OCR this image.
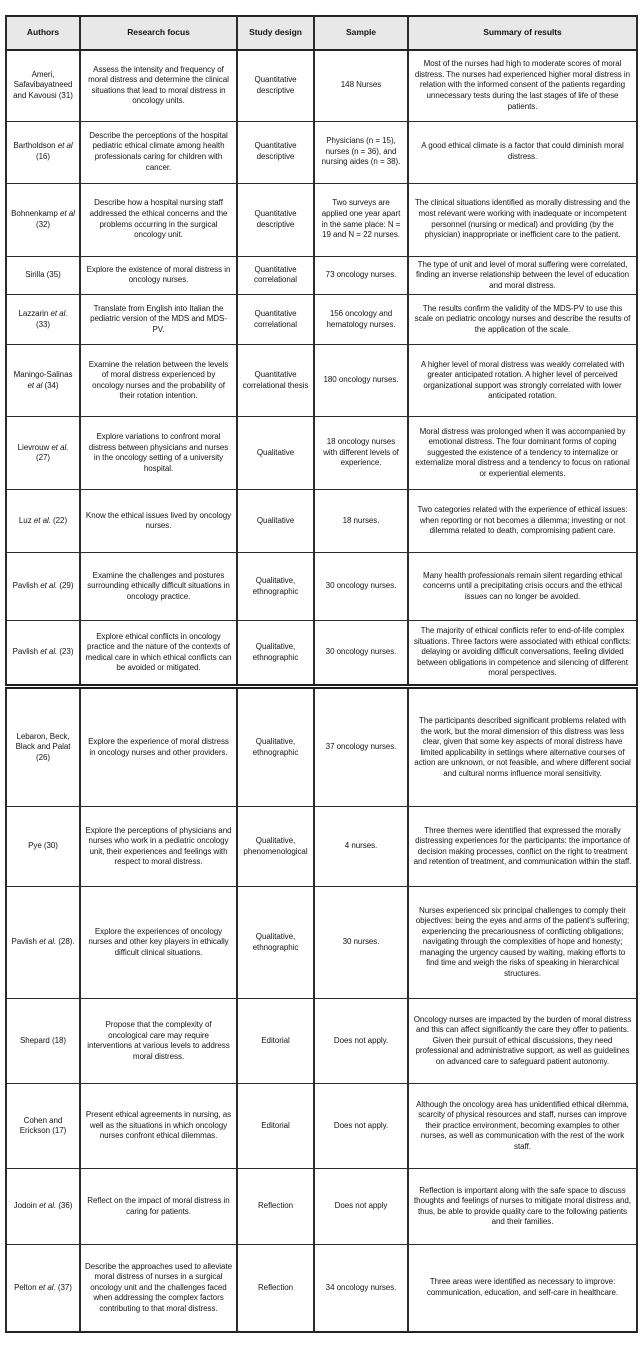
Authors	Research focus	Study design	Sample	Summary of results
Ameri, Safavibayatneed and Kavousi (31)	Assess the intensity and frequency of moral distress and determine the clinical situations that lead to moral distress in oncology units.	Quantitative descriptive	148 Nurses	Most of the nurses had high to moderate scores of moral distress. The nurses had experienced higher moral distress in relation with the informed consent of the patients regarding unnecessary tests during the last stages of life of these patients.
Bartholdson et al (16)	Describe the perceptions of the hospital pediatric ethical climate among health professionals caring for children with cancer.	Quantitative descriptive	Physicians (n = 15), nurses (n = 36), and nursing aides (n = 38).	A good ethical climate is a factor that could diminish moral distress.
Bohnenkamp et al (32)	Describe how a hospital nursing staff addressed the ethical concerns and the problems occurring in the surgical oncology unit.	Quantitative descriptive	Two surveys are applied one year apart in the same place: N = 19 and N = 22 nurses.	The clinical situations identified as morally distressing and the most relevant were working with inadequate or incompetent personnel (nursing or medical) and providing (by the physician) inappropriate or inefficient care to the patient.
Sirilla (35)	Explore the existence of moral distress in oncology nurses.	Quantitative correlational	73 oncology nurses.	The type of unit and level of moral suffering were correlated, finding an inverse relationship between the level of education and moral distress.
Lazzarin et al. (33)	Translate from English into Italian the pediatric version of the MDS and MDS-PV.	Quantitative correlational	156 oncology and hematology nurses.	The results confirm the validity of the MDS-PV to use this scale on pediatric oncology nurses and describe the results of the application of the scale.
Maningo-Salinas et al (34)	Examine the relation between the levels of moral distress experienced by oncology nurses and the probability of their rotation intention.	Quantitative correlational thesis	180 oncology nurses.	A higher level of moral distress was weakly correlated with greater anticipated rotation. A higher level of perceived organizational support was strongly correlated with lower anticipated rotation.
Lievrouw et al. (27)	Explore variations to confront moral distress between physicians and nurses in the oncology setting of a university hospital.	Qualitative	18 oncology nurses with different levels of experience.	Moral distress was prolonged when it was accompanied by emotional distress. The four dominant forms of coping suggested the existence of a tendency to internalize or externalize moral distress and a tendency to focus on rational or experiential elements.
Luz et al. (22)	Know the ethical issues lived by oncology nurses.	Qualitative	18 nurses.	Two categories related with the experience of ethical issues: when reporting or not becomes a dilemma; investing or not dilemma related to death, compromising patient care.
Pavlish et al. (29)	Examine the challenges and postures surrounding ethically difficult situations in oncology practice.	Qualitative, ethnographic	30 oncology nurses.	Many health professionals remain silent regarding ethical concerns until a precipitating crisis occurs and the ethical issues can no longer be avoided.
Pavlish et al. (23)	Explore ethical conflicts in oncology practice and the nature of the contexts of medical care in which ethical conflicts can be avoided or mitigated.	Qualitative, ethnographic	30 oncology nurses.	The majority of ethical conflicts refer to end-of-life complex situations. Three factors were associated with ethical conflicts: delaying or avoiding difficult conversations, feeling divided between obligations in competence and silencing of different moral perspectives.
Lebaron, Beck, Black and Palat (26)	Explore the experience of moral distress in oncology nurses and other providers.	Qualitative, ethnographic	37 oncology nurses.	The participants described significant problems related with the work, but the moral dimension of this distress was less clear, given that some key aspects of moral distress have limited applicability in settings where alternative courses of action are unknown, or not feasible, and where different social and cultural norms influence moral sensitivity.
Pye (30)	Explore the perceptions of physicians and nurses who work in a pediatric oncology unit, their experiences and feelings with respect to moral distress.	Qualitative, phenomenological	4 nurses.	Three themes were identified that expressed the morally distressing experiences for the participants: the importance of decision making processes, conflict on the right to treatment and retention of treatment, and communication within the staff.
Pavlish et al. (28).	Explore the experiences of oncology nurses and other key players in ethically difficult clinical situations.	Qualitative, ethnographic	30 nurses.	Nurses experienced six principal challenges to comply their objectives: being the eyes and arms of the patient's suffering; experiencing the precariousness of conflicting obligations; navigating through the complexities of hope and honesty; managing the urgency caused by waiting, making efforts to find time and weigh the risks of speaking in hierarchical structures.
Shepard (18)	Propose that the complexity of oncological care may require interventions at various levels to address moral distress.	Editorial	Does not apply.	Oncology nurses are impacted by the burden of moral distress and this can affect significantly the care they offer to patients. Given their pursuit of ethical discussions, they need professional and administrative support, as well as guidelines on advanced care to safeguard patient autonomy.
Cohen and Erickson (17)	Present ethical agreements in nursing, as well as the situations in which oncology nurses confront ethical dilemmas.	Editorial	Does not apply.	Although the oncology area has unidentified ethical dilemma, scarcity of physical resources and staff, nurses can improve their practice environment, becoming examples to other nurses, as well as communication with the rest of the work staff.
Jodoin et al. (36)	Reflect on the impact of moral distress in caring for patients.	Reflection	Does not apply	Reflection is important along with the safe space to discuss thoughts and feelings of nurses to mitigate moral distress and, thus, be able to provide quality care to the following patients and their families.
Pelton et al. (37)	Describe the approaches used to alleviate moral distress of nurses in a surgical oncology unit and the challenges faced when addressing the complex factors contributing to that moral distress.	Reflection	34 oncology nurses.	Three areas were identified as necessary to improve: communication, education, and self-care in healthcare.
